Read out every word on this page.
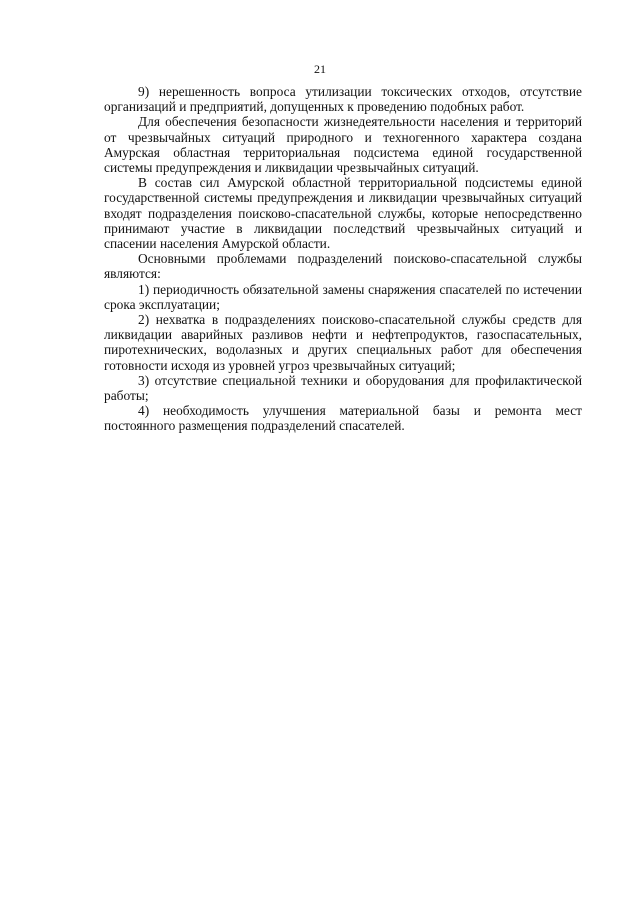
21

9) нерешенность вопроса утилизации токсических отходов, отсутствие организаций и предприятий, допущенных к проведению подобных работ.

Для обеспечения безопасности жизнедеятельности населения и территорий от чрезвычайных ситуаций природного и техногенного характера создана Амурская областная территориальная подсистема единой государственной системы предупреждения и ликвидации чрезвычайных ситуаций.

В состав сил Амурской областной территориальной подсистемы единой государственной системы предупреждения и ликвидации чрезвычайных ситуаций входят подразделения поисково-спасательной службы, которые непосредственно принимают участие в ликвидации последствий чрезвычайных ситуаций и спасении населения Амурской области.

Основными проблемами подразделений поисково-спасательной службы являются:

1) периодичность обязательной замены снаряжения спасателей по истечении срока эксплуатации;

2) нехватка в подразделениях поисково-спасательной службы средств для ликвидации аварийных разливов нефти и нефтепродуктов, газоспасательных, пиротехнических, водолазных и других специальных работ для обеспечения готовности исходя из уровней угроз чрезвычайных ситуаций;

3) отсутствие специальной техники и оборудования для профилактической работы;

4) необходимость улучшения материальной базы и ремонта мест постоянного размещения подразделений спасателей.
